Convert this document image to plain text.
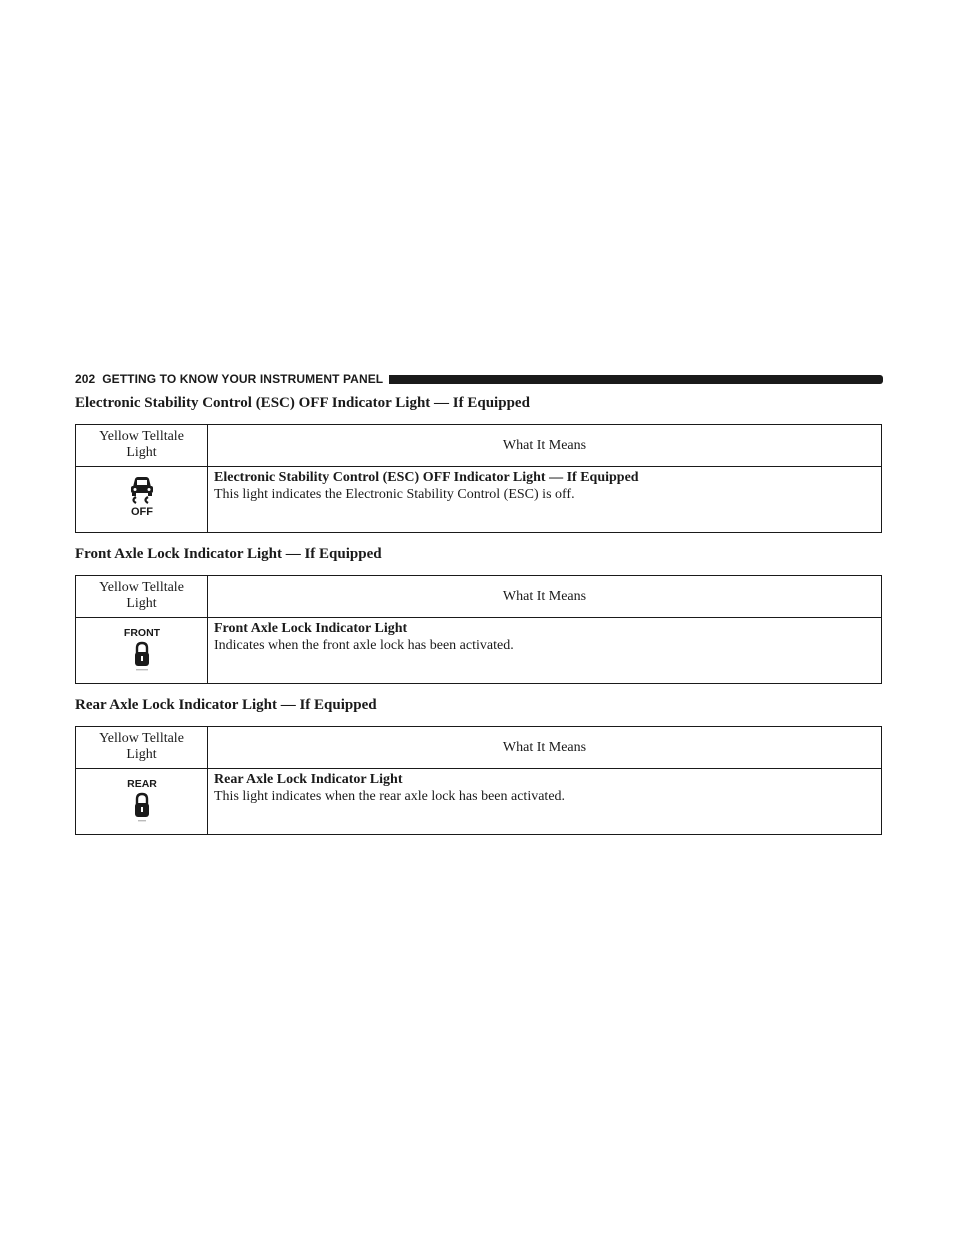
202 GETTING TO KNOW YOUR INSTRUMENT PANEL
Electronic Stability Control (ESC) OFF Indicator Light — If Equipped
Yellow Telltale
Light	What It Means

OFF	Electronic Stability Control (ESC) OFF Indicator Light — If Equipped
This light indicates the Electronic Stability Control (ESC) is off.
Front Axle Lock Indicator Light — If Equipped
Yellow Telltale
Light	What It Means

FRONT	Front Axle Lock Indicator Light
Indicates when the front axle lock has been activated.
Rear Axle Lock Indicator Light — If Equipped
Yellow Telltale
Light	What It Means

REAR	Rear Axle Lock Indicator Light
This light indicates when the rear axle lock has been activated.
